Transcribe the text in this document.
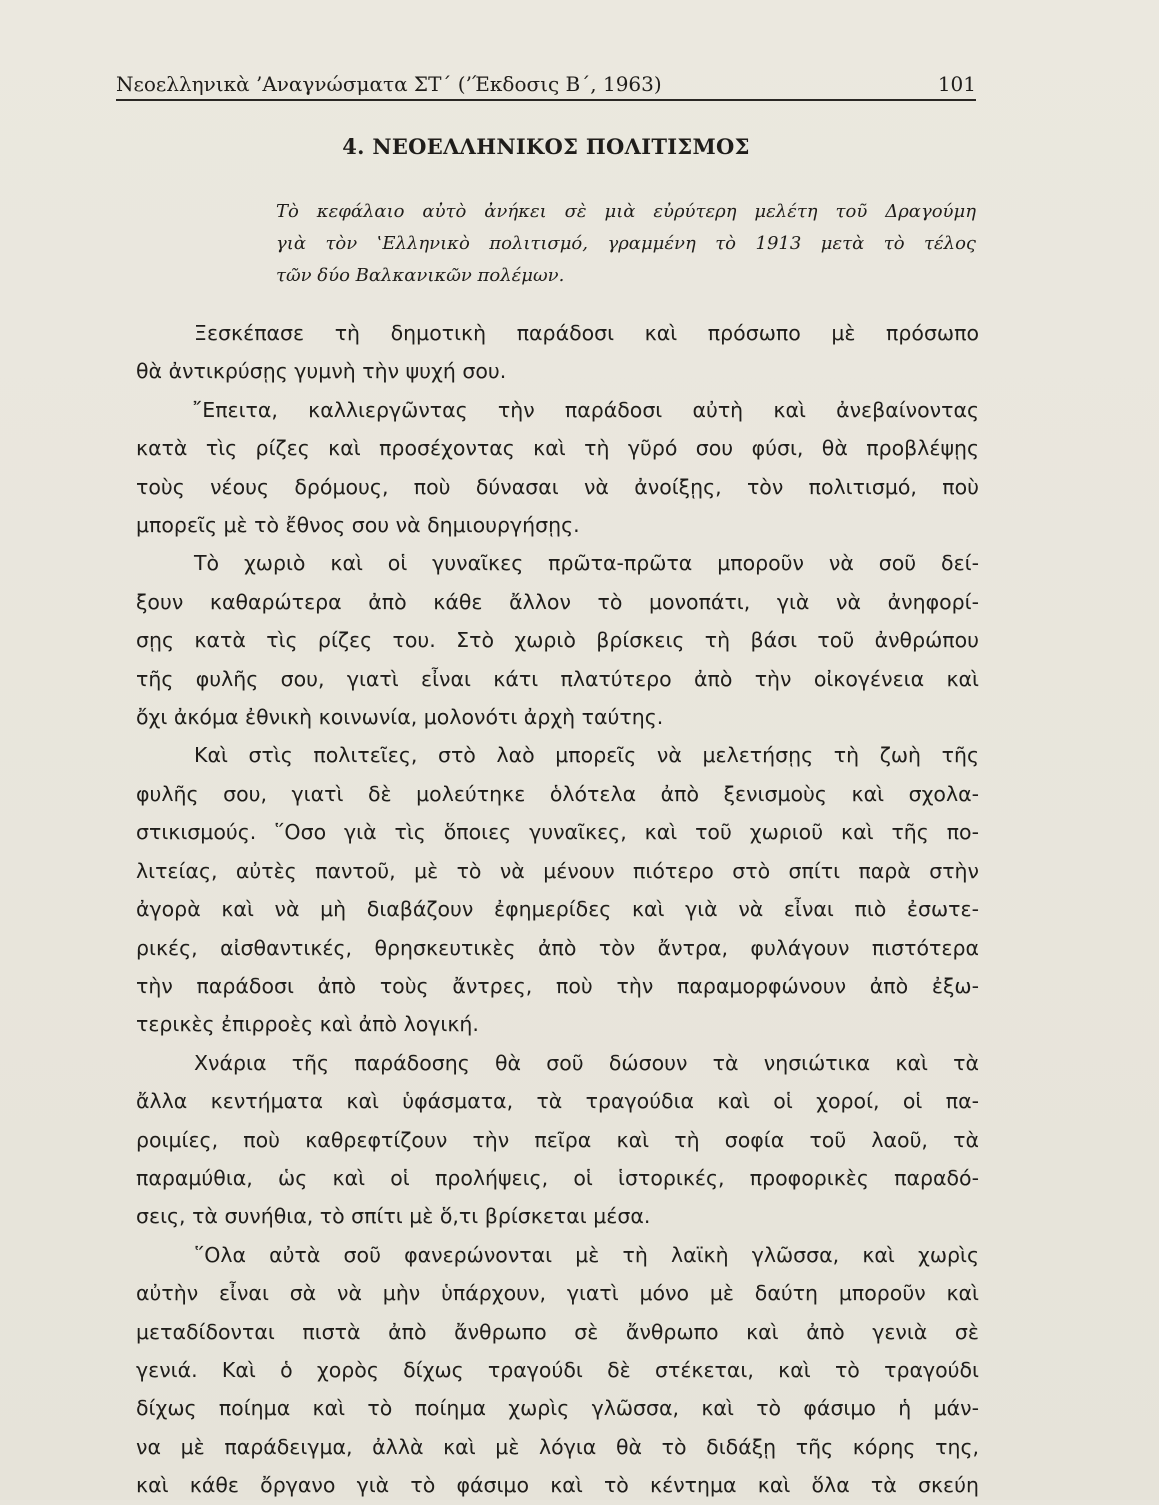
Νεοελληνικὰ ’Αναγνώσματα ΣΤ΄ (’Έκδοσις Β΄, 1963)	101
4. ΝΕΟΕΛΛΗΝΙΚΟΣ ΠΟΛΙΤΙΣΜΟΣ

Τὸ κεφάλαιο αὐτὸ ἀνήκει σὲ μιὰ εὐρύτερη μελέτη τοῦ Δραγούμη
γιὰ τὸν ‛Ελληνικὸ πολιτισμό, γραμμένη τὸ 1913 μετὰ τὸ τέλος
τῶν δύο Βαλκανικῶν πολέμων.

Ξεσκέπασε τὴ δημοτικὴ παράδοσι καὶ πρόσωπο μὲ πρόσωπο
θὰ ἀντικρύσῃς γυμνὴ τὴν ψυχή σου.

῎Επειτα, καλλιεργῶντας τὴν παράδοσι αὐτὴ καὶ ἀνεβαίνοντας
κατὰ τὶς ρίζες καὶ προσέχοντας καὶ τὴ γῦρό σου φύσι, θὰ προβλέψῃς
τοὺς νέους δρόμους, ποὺ δύνασαι νὰ ἀνοίξῃς, τὸν πολιτισμό, ποὺ
μπορεῖς μὲ τὸ ἔθνος σου νὰ δημιουργήσῃς.

Τὸ χωριὸ καὶ οἱ γυναῖκες πρῶτα-πρῶτα μποροῦν νὰ σοῦ δεί-
ξουν καθαρώτερα ἀπὸ κάθε ἄλλον τὸ μονοπάτι, γιὰ νὰ ἀνηφορί-
σῃς κατὰ τὶς ρίζες του. Στὸ χωριὸ βρίσκεις τὴ βάσι τοῦ ἀνθρώπου
τῆς φυλῆς σου, γιατὶ εἶναι κάτι πλατύτερο ἀπὸ τὴν οἰκογένεια καὶ
ὄχι ἀκόμα ἐθνικὴ κοινωνία, μολονότι ἀρχὴ ταύτης.

Καὶ στὶς πολιτεῖες, στὸ λαὸ μπορεῖς νὰ μελετήσῃς τὴ ζωὴ τῆς
φυλῆς σου, γιατὶ δὲ μολεύτηκε ὁλότελα ἀπὸ ξενισμοὺς καὶ σχολα-
στικισμούς. ῞Οσο γιὰ τὶς ὅποιες γυναῖκες, καὶ τοῦ χωριοῦ καὶ τῆς πο-
λιτείας, αὐτὲς παντοῦ, μὲ τὸ νὰ μένουν πιότερο στὸ σπίτι παρὰ στὴν
ἀγορὰ καὶ νὰ μὴ διαβάζουν ἐφημερίδες καὶ γιὰ νὰ εἶναι πιὸ ἐσωτε-
ρικές, αἰσθαντικές, θρησκευτικὲς ἀπὸ τὸν ἄντρα, φυλάγουν πιστότερα
τὴν παράδοσι ἀπὸ τοὺς ἄντρες, ποὺ τὴν παραμορφώνουν ἀπὸ ἐξω-
τερικὲς ἐπιρροὲς καὶ ἀπὸ λογική.

Χνάρια τῆς παράδοσης θὰ σοῦ δώσουν τὰ νησιώτικα καὶ τὰ
ἄλλα κεντήματα καὶ ὑφάσματα, τὰ τραγούδια καὶ οἱ χοροί, οἱ πα-
ροιμίες, ποὺ καθρεφτίζουν τὴν πεῖρα καὶ τὴ σοφία τοῦ λαοῦ, τὰ
παραμύθια, ὡς καὶ οἱ προλήψεις, οἱ ἱστορικές, προφορικὲς παραδό-
σεις, τὰ συνήθια, τὸ σπίτι μὲ ὅ,τι βρίσκεται μέσα.

῞Ολα αὐτὰ σοῦ φανερώνονται μὲ τὴ λαϊκὴ γλῶσσα, καὶ χωρὶς
αὐτὴν εἶναι σὰ νὰ μὴν ὑπάρχουν, γιατὶ μόνο μὲ δαύτη μποροῦν καὶ
μεταδίδονται πιστὰ ἀπὸ ἄνθρωπο σὲ ἄνθρωπο καὶ ἀπὸ γενιὰ σὲ
γενιά. Καὶ ὁ χορὸς δίχως τραγούδι δὲ στέκεται, καὶ τὸ τραγούδι
δίχως ποίημα καὶ τὸ ποίημα χωρὶς γλῶσσα, καὶ τὸ φάσιμο ἡ μάν-
να μὲ παράδειγμα, ἀλλὰ καὶ μὲ λόγια θὰ τὸ διδάξῃ τῆς κόρης της,
καὶ κάθε ὄργανο γιὰ τὸ φάσιμο καὶ τὸ κέντημα καὶ ὅλα τὰ σκεύη
